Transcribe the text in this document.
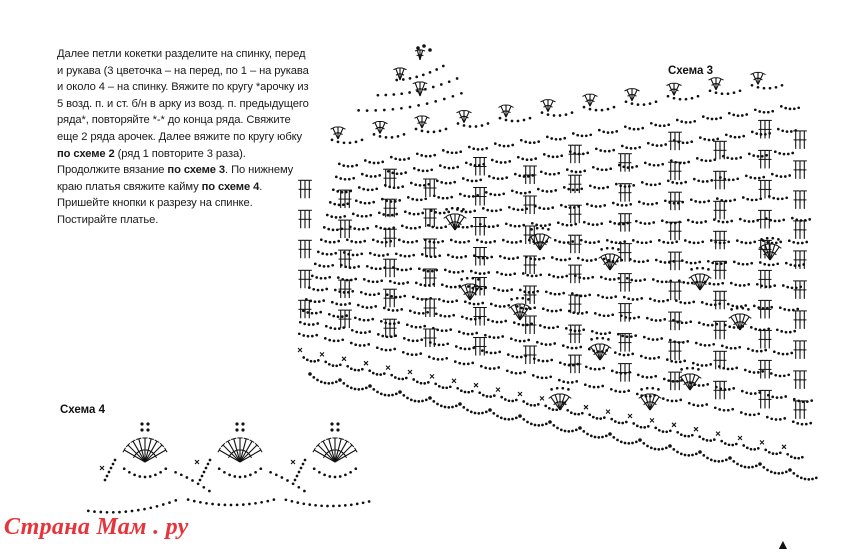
Далее петли кокетки разделите на спинку, перед и рукава (3 цветочка – на перед, по 1 – на рукава и около 4 – на спинку. Вяжите по кругу *арочку из 5 возд. п. и ст. б/н в арку из возд. п. предыдущего ряда*, повторяйте *-* до конца ряда. Свяжите еще 2 ряда арочек. Далее вяжите по кругу юбку по схеме 2 (ряд 1 повторите 3 раза). Продолжите вязание по схеме 3. По нижнему краю платья свяжите кайму по схеме 4. Пришейте кнопки к разрезу на спинке. Постирайте платье.

Схема 3
Схема 4
Страна Мам . ру
▲
